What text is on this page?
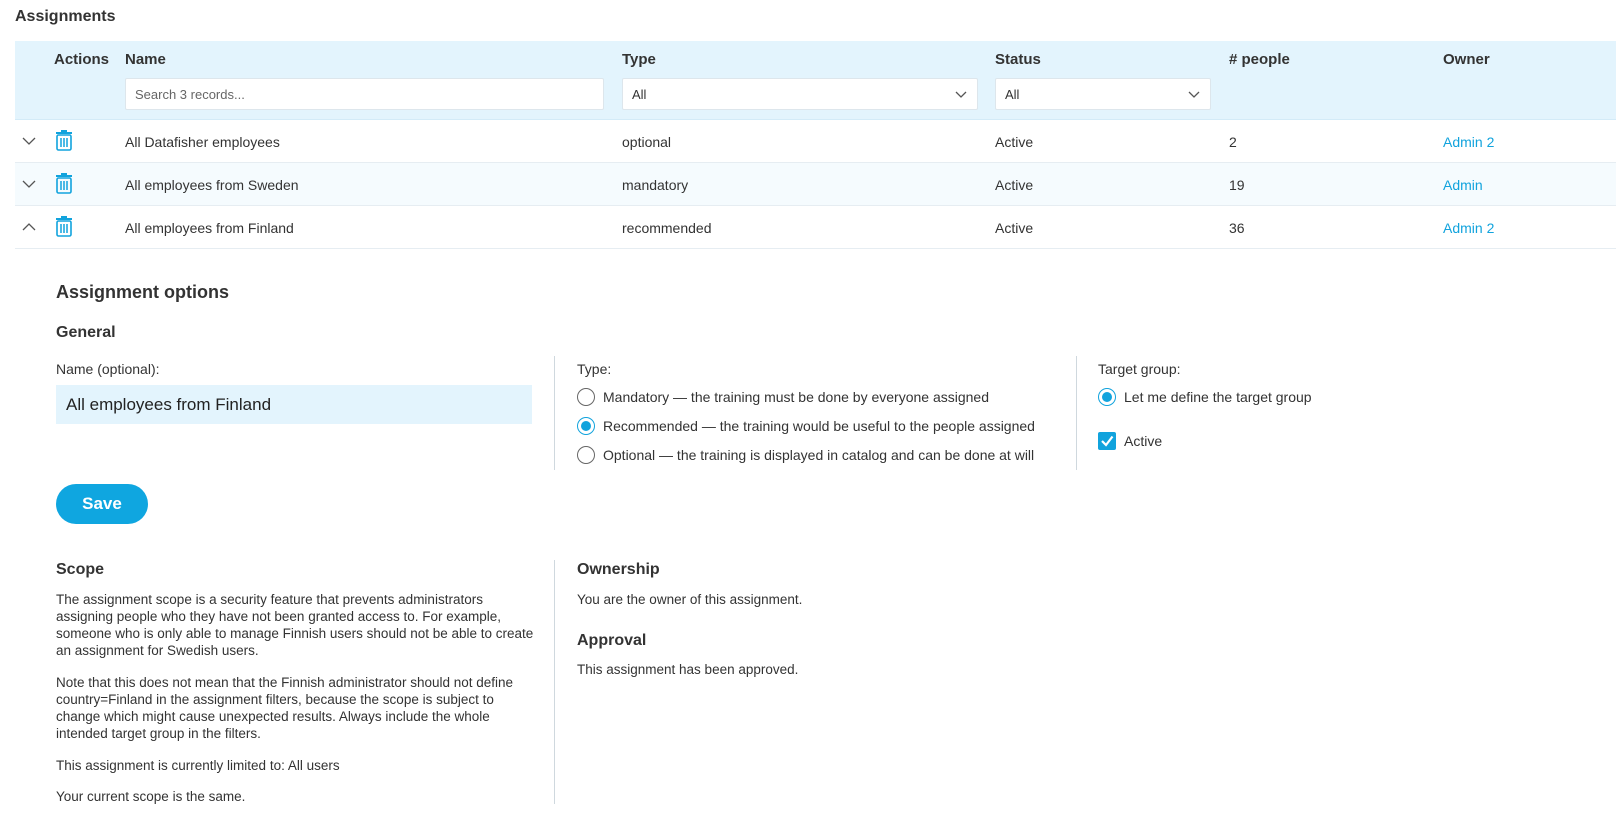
Assignments
Actions Name	Type	Status	# people	Owner
Search 3 records...	All	All
All Datafisher employees	optional	Active	2	Admin 2
All employees from Sweden	mandatory	Active	19	Admin
All employees from Finland	recommended	Active	36	Admin 2
Assignment options
General
Name (optional):
All employees from Finland
Type:
Mandatory — the training must be done by everyone assigned
Recommended — the training would be useful to the people assigned
Optional — the training is displayed in catalog and can be done at will
Target group:
Let me define the target group
Active
Save
Scope
The assignment scope is a security feature that prevents administrators assigning people who they have not been granted access to. For example, someone who is only able to manage Finnish users should not be able to create an assignment for Swedish users.
Note that this does not mean that the Finnish administrator should not define country=Finland in the assignment filters, because the scope is subject to change which might cause unexpected results. Always include the whole intended target group in the filters.
This assignment is currently limited to: All users
Your current scope is the same.
Ownership
You are the owner of this assignment.
Approval
This assignment has been approved.
